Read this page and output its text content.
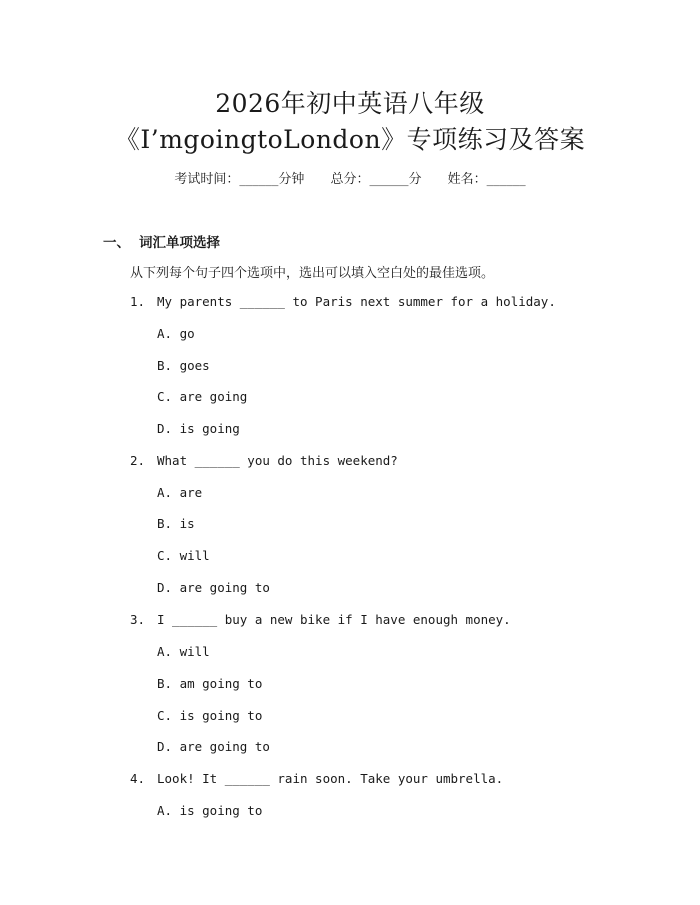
2026年初中英语八年级
《I’mgoingtoLondon》专项练习及答案
考试时间：______分钟 总分：______分 姓名：______
一、 词汇单项选择
从下列每个句子四个选项中，选出可以填入空白处的最佳选项。
1. My parents ______ to Paris next summer for a holiday.
A. go
B. goes
C. are going
D. is going
2. What ______ you do this weekend?
A. are
B. is
C. will
D. are going to
3. I ______ buy a new bike if I have enough money.
A. will
B. am going to
C. is going to
D. are going to
4. Look! It ______ rain soon. Take your umbrella.
A. is going to
